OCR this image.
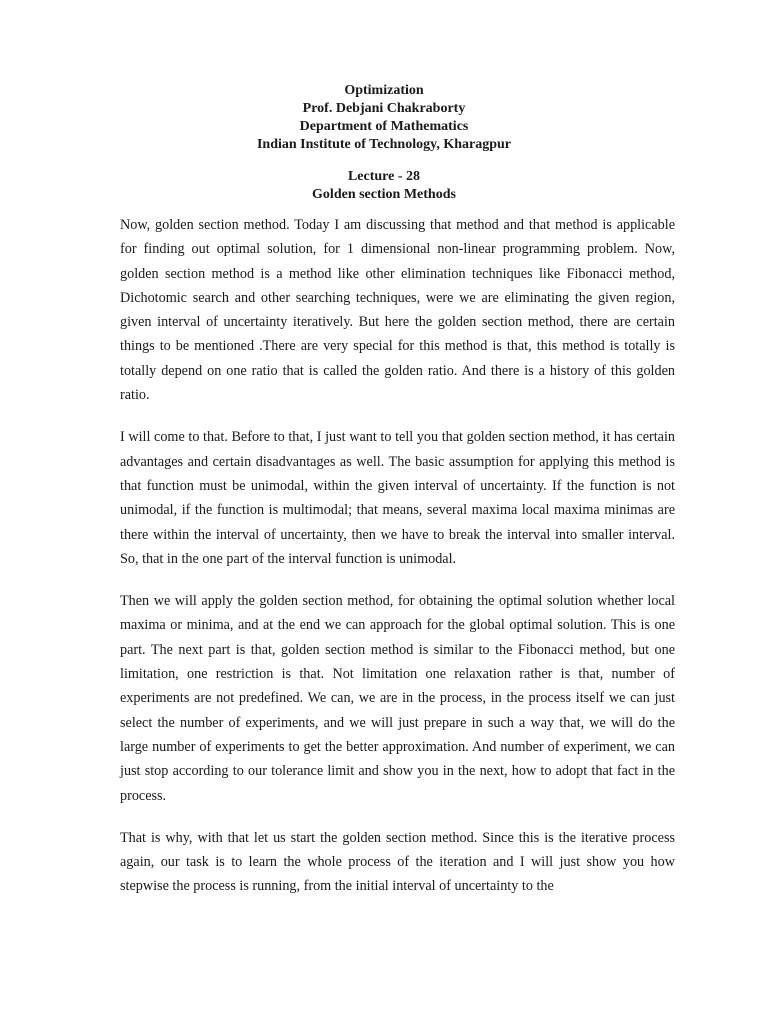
Optimization
Prof. Debjani Chakraborty
Department of Mathematics
Indian Institute of Technology, Kharagpur
Lecture - 28
Golden section Methods

Now, golden section method. Today I am discussing that method and that method is applicable for finding out optimal solution, for 1 dimensional non-linear programming problem. Now, golden section method is a method like other elimination techniques like Fibonacci method, Dichotomic search and other searching techniques, were we are eliminating the given region, given interval of uncertainty iteratively. But here the golden section method, there are certain things to be mentioned .There are very special for this method is that, this method is totally is totally depend on one ratio that is called the golden ratio. And there is a history of this golden ratio.

I will come to that. Before to that, I just want to tell you that golden section method, it has certain advantages and certain disadvantages as well. The basic assumption for applying this method is that function must be unimodal, within the given interval of uncertainty. If the function is not unimodal, if the function is multimodal; that means, several maxima local maxima minimas are there within the interval of uncertainty, then we have to break the interval into smaller interval. So, that in the one part of the interval function is unimodal.

Then we will apply the golden section method, for obtaining the optimal solution whether local maxima or minima, and at the end we can approach for the global optimal solution. This is one part. The next part is that, golden section method is similar to the Fibonacci method, but one limitation, one restriction is that. Not limitation one relaxation rather is that, number of experiments are not predefined. We can, we are in the process, in the process itself we can just select the number of experiments, and we will just prepare in such a way that, we will do the large number of experiments to get the better approximation. And number of experiment, we can just stop according to our tolerance limit and show you in the next, how to adopt that fact in the process.

That is why, with that let us start the golden section method. Since this is the iterative process again, our task is to learn the whole process of the iteration and I will just show you how stepwise the process is running, from the initial interval of uncertainty to the
